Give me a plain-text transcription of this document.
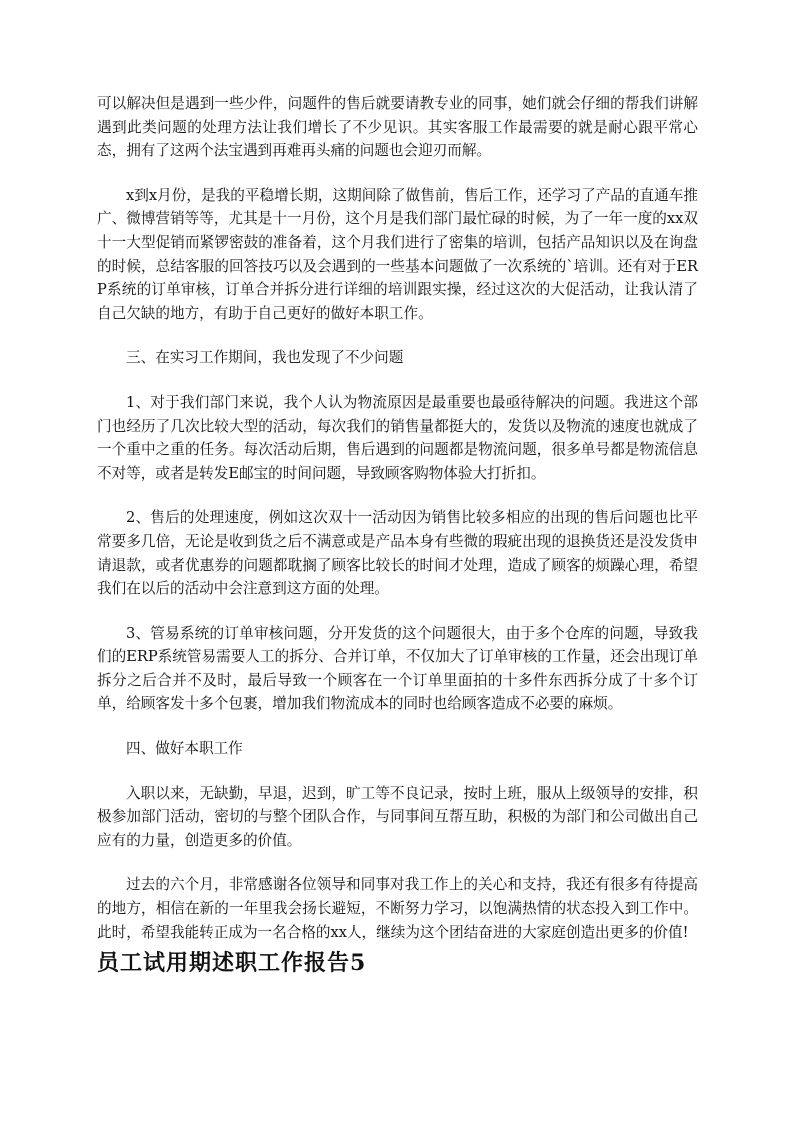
可以解决但是遇到一些少件，问题件的售后就要请教专业的同事，她们就会仔细的帮我们讲解遇到此类问题的处理方法让我们增长了不少见识。其实客服工作最需要的就是耐心跟平常心态，拥有了这两个法宝遇到再难再头痛的问题也会迎刃而解。

x到x月份，是我的平稳增长期，这期间除了做售前，售后工作，还学习了产品的直通车推广、微博营销等等，尤其是十一月份，这个月是我们部门最忙碌的时候，为了一年一度的xx双十一大型促销而紧锣密鼓的准备着，这个月我们进行了密集的培训，包括产品知识以及在询盘的时候，总结客服的回答技巧以及会遇到的一些基本问题做了一次系统的`培训。还有对于ERP系统的订单审核，订单合并拆分进行详细的培训跟实操，经过这次的大促活动，让我认清了自己欠缺的地方，有助于自己更好的做好本职工作。

三、在实习工作期间，我也发现了不少问题

1、对于我们部门来说，我个人认为物流原因是最重要也最亟待解决的问题。我进这个部门也经历了几次比较大型的活动，每次我们的销售量都挺大的，发货以及物流的速度也就成了一个重中之重的任务。每次活动后期，售后遇到的问题都是物流问题，很多单号都是物流信息不对等，或者是转发E邮宝的时间问题，导致顾客购物体验大打折扣。

2、售后的处理速度，例如这次双十一活动因为销售比较多相应的出现的售后问题也比平常要多几倍，无论是收到货之后不满意或是产品本身有些微的瑕疵出现的退换货还是没发货申请退款，或者优惠券的问题都耽搁了顾客比较长的时间才处理，造成了顾客的烦躁心理，希望我们在以后的活动中会注意到这方面的处理。

3、管易系统的订单审核问题，分开发货的这个问题很大，由于多个仓库的问题，导致我们的ERP系统管易需要人工的拆分、合并订单，不仅加大了订单审核的工作量，还会出现订单拆分之后合并不及时，最后导致一个顾客在一个订单里面拍的十多件东西拆分成了十多个订单，给顾客发十多个包裹，增加我们物流成本的同时也给顾客造成不必要的麻烦。

四、做好本职工作

入职以来，无缺勤，早退，迟到，旷工等不良记录，按时上班，服从上级领导的安排，积极参加部门活动，密切的与整个团队合作，与同事间互帮互助，积极的为部门和公司做出自己应有的力量，创造更多的价值。

过去的六个月，非常感谢各位领导和同事对我工作上的关心和支持，我还有很多有待提高的地方，相信在新的一年里我会扬长避短，不断努力学习，以饱满热情的状态投入到工作中。此时，希望我能转正成为一名合格的xx人，继续为这个团结奋进的大家庭创造出更多的价值!

员工试用期述职工作报告5
